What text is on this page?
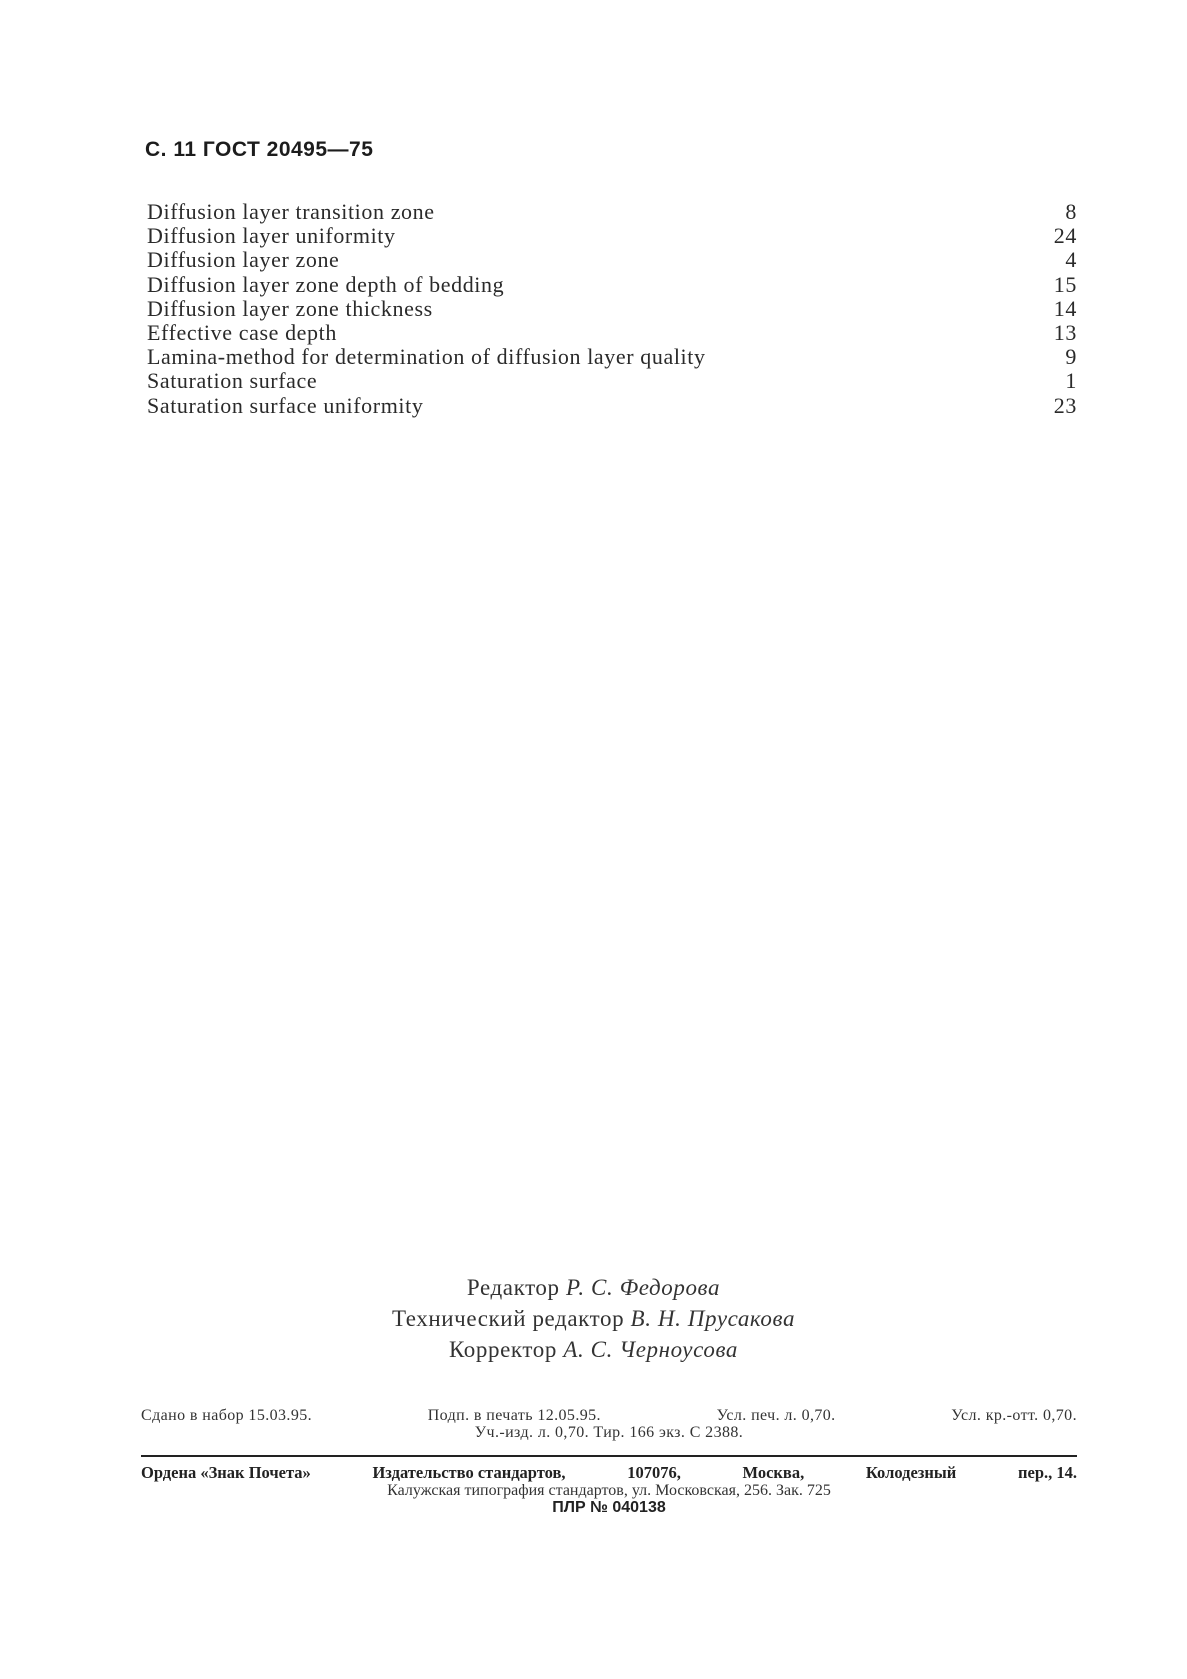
С. 11 ГОСТ 20495—75
Diffusion layer transition zone	8
Diffusion layer uniformity	24
Diffusion layer zone	4
Diffusion layer zone depth of bedding	15
Diffusion layer zone thickness	14
Effective case depth	13
Lamina-method for determination of diffusion layer quality	9
Saturation surface	1
Saturation surface uniformity	23
Редактор Р. С. Федорова
Технический редактор В. Н. Прусакова
Корректор А. С. Черноусова
Сдано в набор 15.03.95.	Подп. в печать 12.05.95.	Усл. печ. л. 0,70.	Усл. кр.-отт. 0,70.
Уч.-изд. л. 0,70. Тир. 166 экз. С 2388.
Ордена «Знак Почета»	Издательство стандартов,	107076,	Москва,	Колодезный	пер., 14.
Калужская типография стандартов, ул. Московская, 256. Зак. 725
ПЛР № 040138
